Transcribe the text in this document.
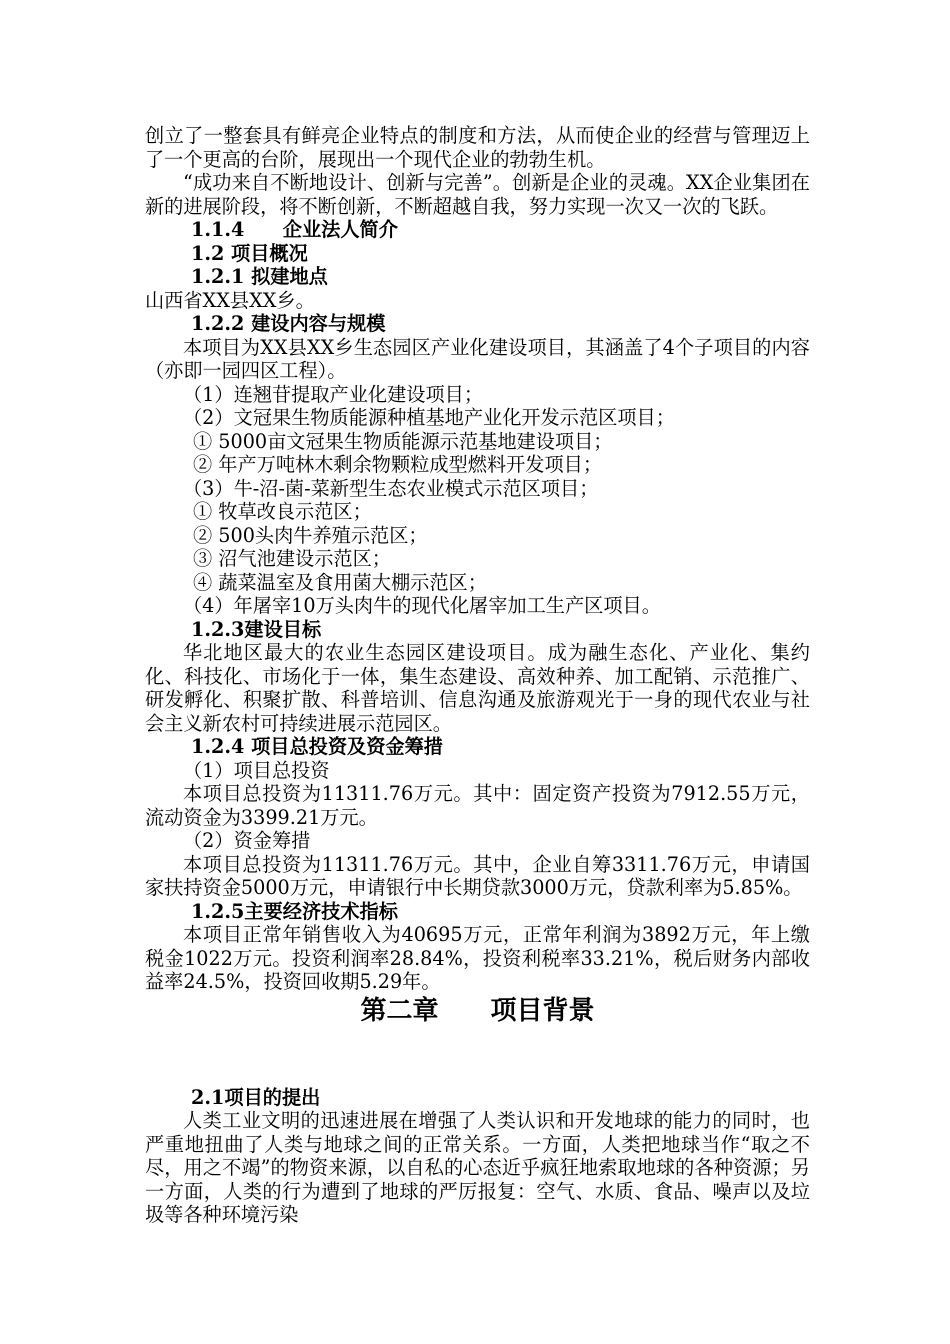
创立了一整套具有鲜亮企业特点的制度和方法，从而使企业的经营与管理迈上了一个更高的台阶，展现出一个现代企业的勃勃生机。
“成功来自不断地设计、创新与完善”。创新是企业的灵魂。XX企业集团在新的进展阶段，将不断创新，不断超越自我，努力实现一次又一次的飞跃。
1.1.4　　企业法人简介
1.2 项目概况
1.2.1 拟建地点
山西省XX县XX乡。
1.2.2 建设内容与规模
本项目为XX县XX乡生态园区产业化建设项目，其涵盖了4个子项目的内容（亦即一园四区工程）。
（1）连翘苷提取产业化建设项目；
（2）文冠果生物质能源种植基地产业化开发示范区项目；
① 5000亩文冠果生物质能源示范基地建设项目；
② 年产万吨林木剩余物颗粒成型燃料开发项目；
（3）牛-沼-菌-菜新型生态农业模式示范区项目；
① 牧草改良示范区；
② 500头肉牛养殖示范区；
③ 沼气池建设示范区；
④ 蔬菜温室及食用菌大棚示范区；
（4）年屠宰10万头肉牛的现代化屠宰加工生产区项目。
1.2.3建设目标
华北地区最大的农业生态园区建设项目。成为融生态化、产业化、集约化、科技化、市场化于一体，集生态建设、高效种养、加工配销、示范推广、研发孵化、积聚扩散、科普培训、信息沟通及旅游观光于一身的现代农业与社会主义新农村可持续进展示范园区。
1.2.4 项目总投资及资金筹措
（1）项目总投资
本项目总投资为11311.76万元。其中：固定资产投资为7912.55万元，流动资金为3399.21万元。
（2）资金筹措
本项目总投资为11311.76万元。其中，企业自筹3311.76万元，申请国家扶持资金5000万元，申请银行中长期贷款3000万元，贷款利率为5.85%。
1.2.5主要经济技术指标
本项目正常年销售收入为40695万元，正常年利润为3892万元，年上缴税金1022万元。投资利润率28.84%，投资利税率33.21%，税后财务内部收益率24.5%，投资回收期5.29年。
第二章　　项目背景
2.1项目的提出
人类工业文明的迅速进展在增强了人类认识和开发地球的能力的同时，也严重地扭曲了人类与地球之间的正常关系。一方面，人类把地球当作“取之不尽，用之不竭”的物资来源，以自私的心态近乎疯狂地索取地球的各种资源；另一方面，人类的行为遭到了地球的严厉报复：空气、水质、食品、噪声以及垃圾等各种环境污染
